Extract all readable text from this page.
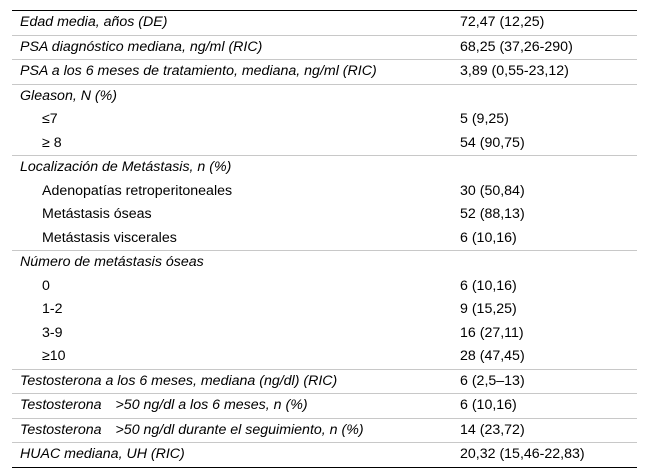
Edad media, años (DE)	72,47 (12,25)
PSA diagnóstico mediana, ng/ml (RIC)	68,25 (37,26-290)
PSA a los 6 meses de tratamiento, mediana, ng/ml (RIC)	3,89 (0,55-23,12)
Gleason, N (%)	
≤7	5 (9,25)
≥ 8	54 (90,75)
Localización de Metástasis, n (%)	
Adenopatías retroperitoneales	30 (50,84)
Metástasis óseas	52 (88,13)
Metástasis viscerales	6 (10,16)
Número de metástasis óseas	
0	6 (10,16)
1-2	9 (15,25)
3-9	16 (27,11)
≥10	28 (47,45)
Testosterona a los 6 meses, mediana (ng/dl) (RIC)	6 (2,5–13)
Testosterona >50 ng/dl a los 6 meses, n (%)	6 (10,16)
Testosterona >50 ng/dl durante el seguimiento, n (%)	14 (23,72)
HUAC mediana, UH (RIC)	20,32 (15,46-22,83)
